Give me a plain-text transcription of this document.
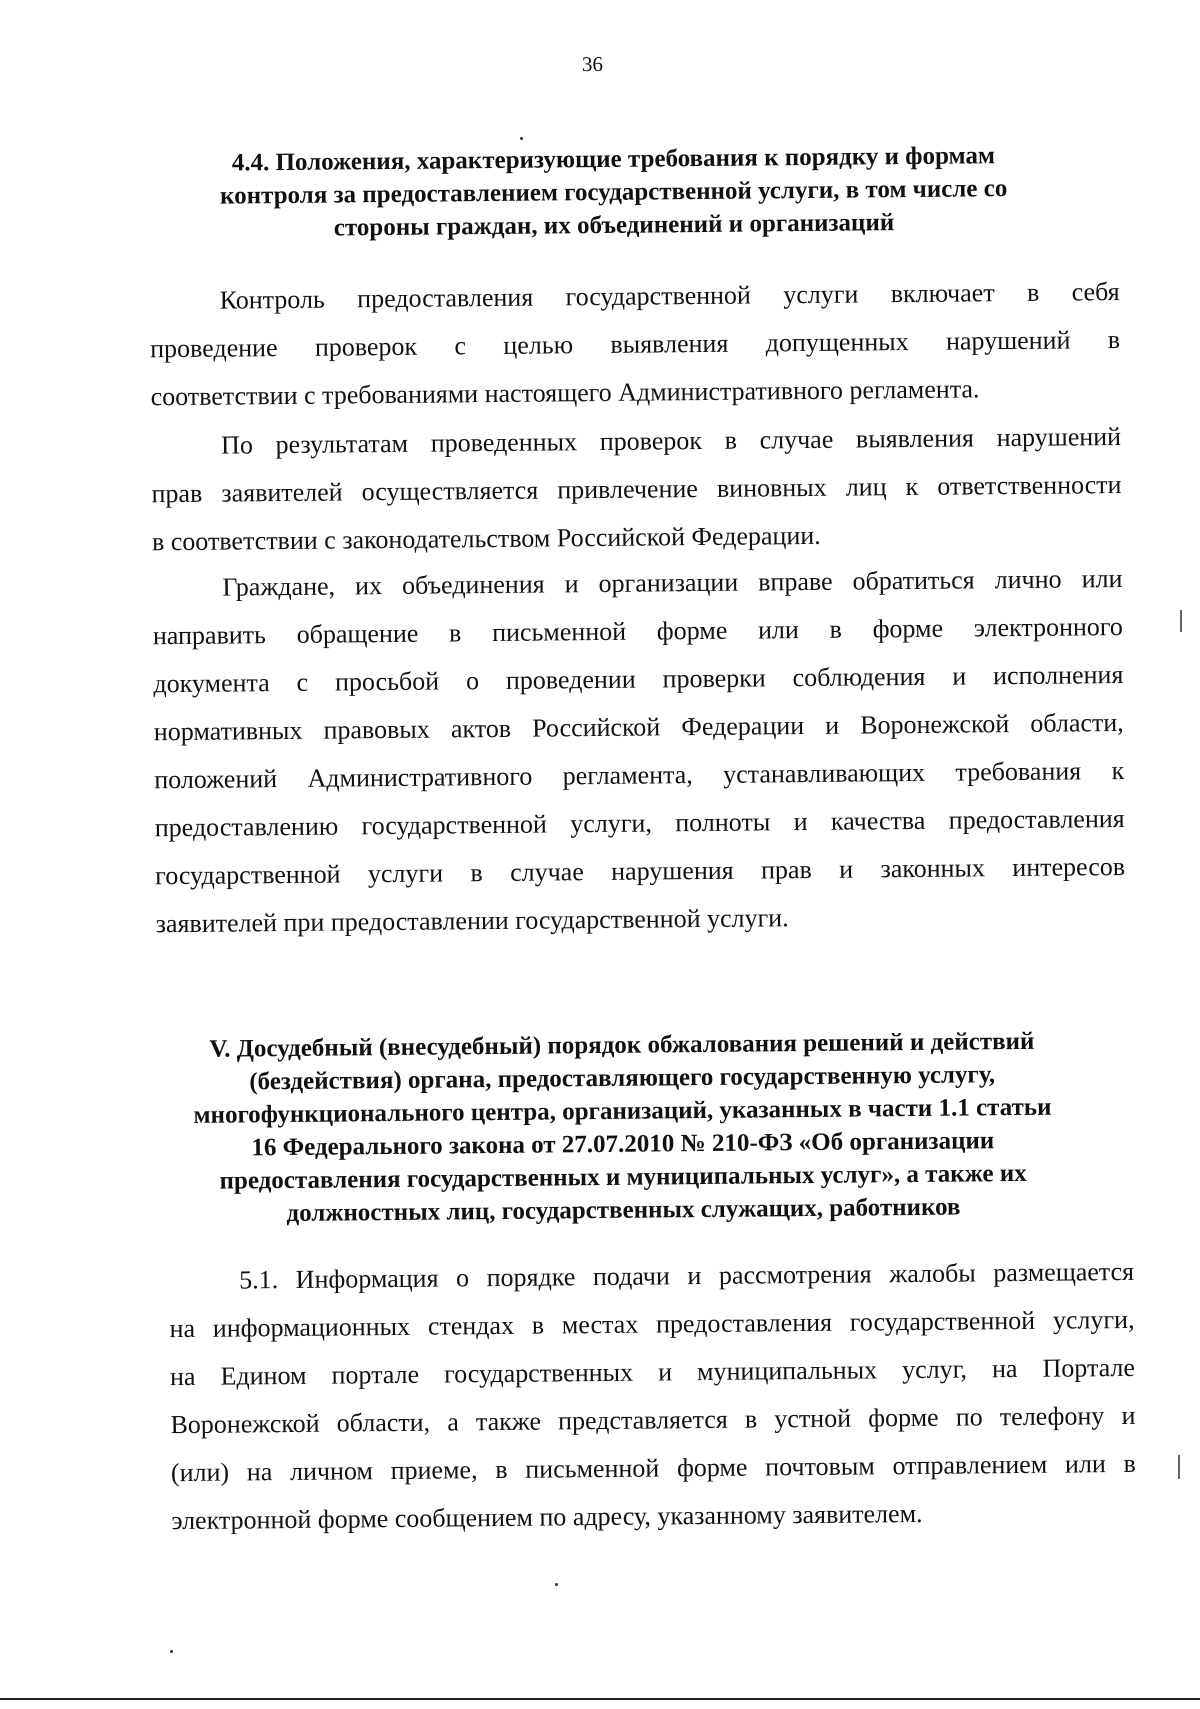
36
4.4. Положения, характеризующие требования к порядку и формам
контроля за предоставлением государственной услуги, в том числе со
стороны граждан, их объединений и организаций
Контроль предоставления государственной услуги включает в себя
проведение проверок с целью выявления допущенных нарушений в
соответствии с требованиями настоящего Административного регламента.
По результатам проведенных проверок в случае выявления нарушений
прав заявителей осуществляется привлечение виновных лиц к ответственности
в соответствии с законодательством Российской Федерации.
Граждане, их объединения и организации вправе обратиться лично или
направить обращение в письменной форме или в форме электронного
документа с просьбой о проведении проверки соблюдения и исполнения
нормативных правовых актов Российской Федерации и Воронежской области,
положений Административного регламента, устанавливающих требования к
предоставлению государственной услуги, полноты и качества предоставления
государственной услуги в случае нарушения прав и законных интересов
заявителей при предоставлении государственной услуги.
V. Досудебный (внесудебный) порядок обжалования решений и действий
(бездействия) органа, предоставляющего государственную услугу,
многофункционального центра, организаций, указанных в части 1.1 статьи
16 Федерального закона от 27.07.2010 № 210-ФЗ «Об организации
предоставления государственных и муниципальных услуг», а также их
должностных лиц, государственных служащих, работников
5.1. Информация о порядке подачи и рассмотрения жалобы размещается
на информационных стендах в местах предоставления государственной услуги,
на Едином портале государственных и муниципальных услуг, на Портале
Воронежской области, а также представляется в устной форме по телефону и
(или) на личном приеме, в письменной форме почтовым отправлением или в
электронной форме сообщением по адресу, указанному заявителем.
